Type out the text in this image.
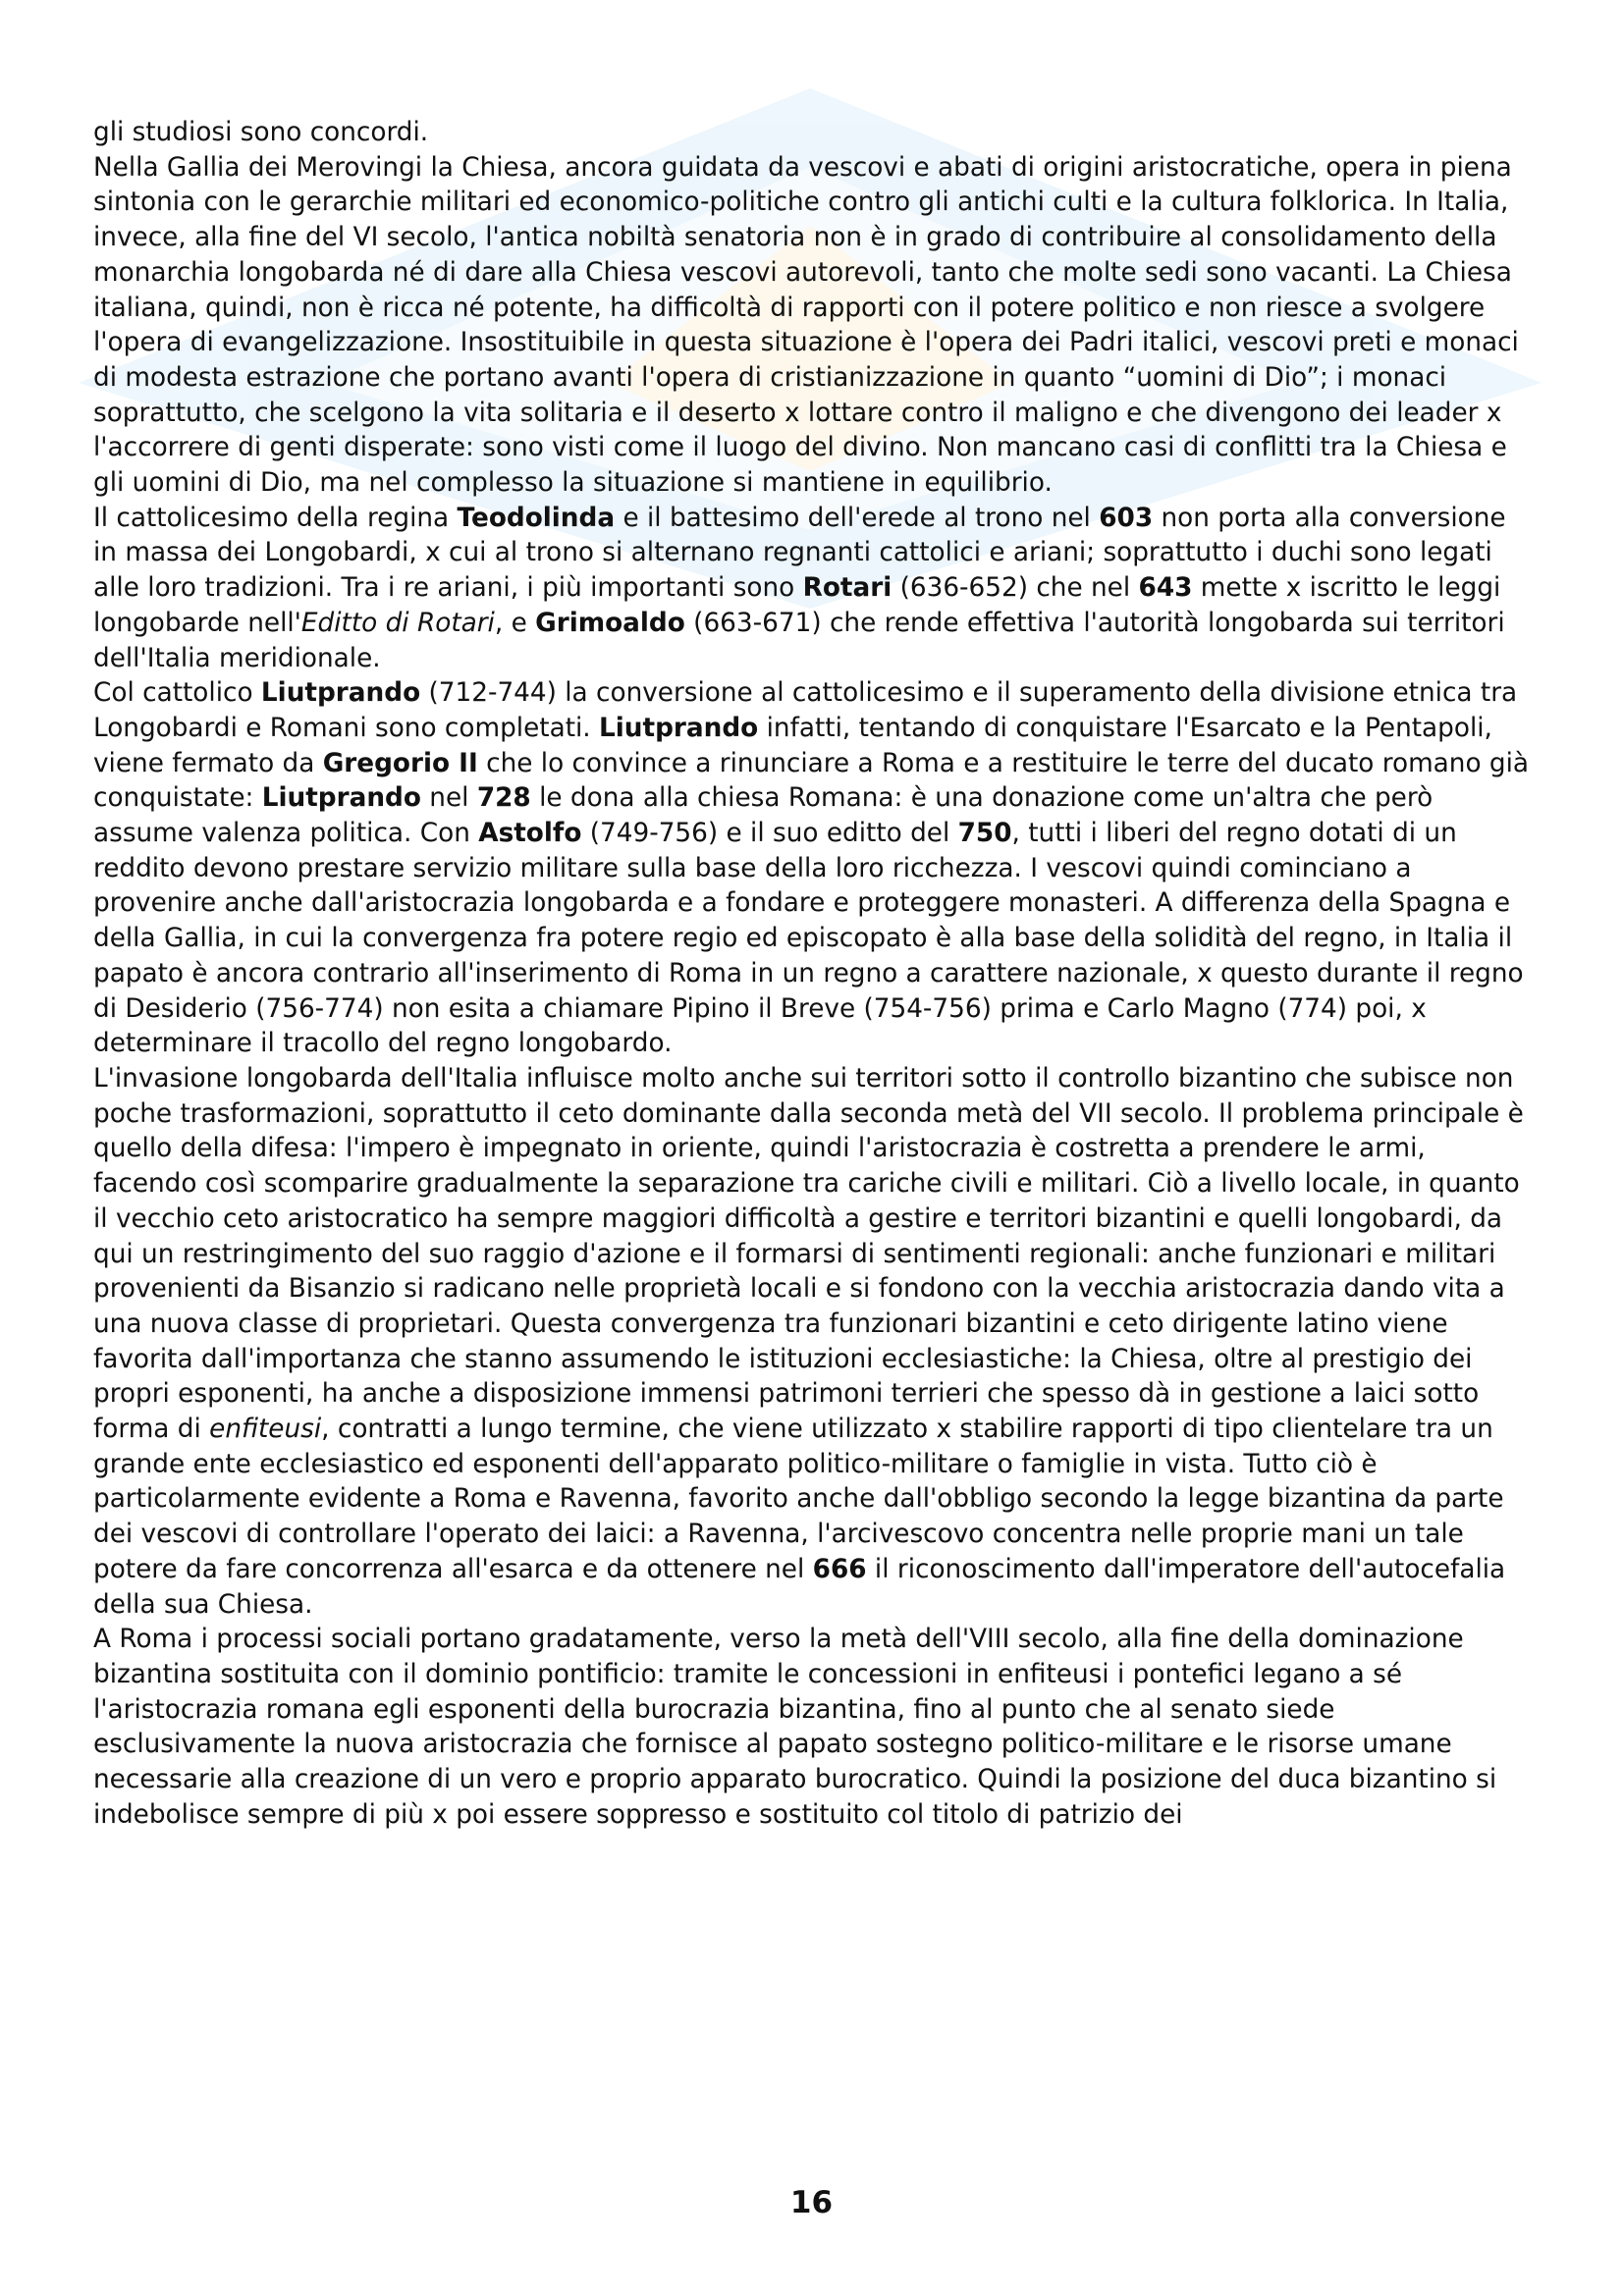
gli studiosi sono concordi.

Nella Gallia dei Merovingi la Chiesa, ancora guidata da vescovi e abati di origini aristocratiche, opera in piena sintonia con le gerarchie militari ed economico-politiche contro gli antichi culti e la cultura folklorica. In Italia, invece, alla fine del VI secolo, l'antica nobiltà senatoria non è in grado di contribuire al consolidamento della monarchia longobarda né di dare alla Chiesa vescovi autorevoli, tanto che molte sedi sono vacanti. La Chiesa italiana, quindi, non è ricca né potente, ha difficoltà di rapporti con il potere politico e non riesce a svolgere l'opera di evangelizzazione. Insostituibile in questa situazione è l'opera dei Padri italici, vescovi preti e monaci di modesta estrazione che portano avanti l'opera di cristianizzazione in quanto “uomini di Dio”; i monaci soprattutto, che scelgono la vita solitaria e il deserto x lottare contro il maligno e che divengono dei leader x l'accorrere di genti disperate: sono visti come il luogo del divino. Non mancano casi di conflitti tra la Chiesa e gli uomini di Dio, ma nel complesso la situazione si mantiene in equilibrio.

Il cattolicesimo della regina Teodolinda e il battesimo dell'erede al trono nel 603 non porta alla conversione in massa dei Longobardi, x cui al trono si alternano regnanti cattolici e ariani; soprattutto i duchi sono legati alle loro tradizioni. Tra i re ariani, i più importanti sono Rotari (636-652) che nel 643 mette x iscritto le leggi longobarde nell'Editto di Rotari, e Grimoaldo (663-671) che rende effettiva l'autorità longobarda sui territori dell'Italia meridionale.

Col cattolico Liutprando (712-744) la conversione al cattolicesimo e il superamento della divisione etnica tra Longobardi e Romani sono completati. Liutprando infatti, tentando di conquistare l'Esarcato e la Pentapoli, viene fermato da Gregorio II che lo convince a rinunciare a Roma e a restituire le terre del ducato romano già conquistate: Liutprando nel 728 le dona alla chiesa Romana: è una donazione come un'altra che però assume valenza politica. Con Astolfo (749-756) e il suo editto del 750, tutti i liberi del regno dotati di un reddito devono prestare servizio militare sulla base della loro ricchezza. I vescovi quindi cominciano a provenire anche dall'aristocrazia longobarda e a fondare e proteggere monasteri. A differenza della Spagna e della Gallia, in cui la convergenza fra potere regio ed episcopato è alla base della solidità del regno, in Italia il papato è ancora contrario all'inserimento di Roma in un regno a carattere nazionale, x questo durante il regno di Desiderio (756-774) non esita a chiamare Pipino il Breve (754-756) prima e Carlo Magno (774) poi, x determinare il tracollo del regno longobardo.

L'invasione longobarda dell'Italia influisce molto anche sui territori sotto il controllo bizantino che subisce non poche trasformazioni, soprattutto il ceto dominante dalla seconda metà del VII secolo. Il problema principale è quello della difesa: l'impero è impegnato in oriente, quindi l'aristocrazia è costretta a prendere le armi, facendo così scomparire gradualmente la separazione tra cariche civili e militari. Ciò a livello locale, in quanto il vecchio ceto aristocratico ha sempre maggiori difficoltà a gestire e territori bizantini e quelli longobardi, da qui un restringimento del suo raggio d'azione e il formarsi di sentimenti regionali: anche funzionari e militari provenienti da Bisanzio si radicano nelle proprietà locali e si fondono con la vecchia aristocrazia dando vita a una nuova classe di proprietari. Questa convergenza tra funzionari bizantini e ceto dirigente latino viene favorita dall'importanza che stanno assumendo le istituzioni ecclesiastiche: la Chiesa, oltre al prestigio dei propri esponenti, ha anche a disposizione immensi patrimoni terrieri che spesso dà in gestione a laici sotto forma di enfiteusi, contratti a lungo termine, che viene utilizzato x stabilire rapporti di tipo clientelare tra un grande ente ecclesiastico ed esponenti dell'apparato politico-militare o famiglie in vista. Tutto ciò è particolarmente evidente a Roma e Ravenna, favorito anche dall'obbligo secondo la legge bizantina da parte dei vescovi di controllare l'operato dei laici: a Ravenna, l'arcivescovo concentra nelle proprie mani un tale potere da fare concorrenza all'esarca e da ottenere nel 666 il riconoscimento dall'imperatore dell'autocefalia della sua Chiesa.

A Roma i processi sociali portano gradatamente, verso la metà dell'VIII secolo, alla fine della dominazione bizantina sostituita con il dominio pontificio: tramite le concessioni in enfiteusi i pontefici legano a sé l'aristocrazia romana egli esponenti della burocrazia bizantina, fino al punto che al senato siede esclusivamente la nuova aristocrazia che fornisce al papato sostegno politico-militare e le risorse umane necessarie alla creazione di un vero e proprio apparato burocratico. Quindi la posizione del duca bizantino si indebolisce sempre di più x poi essere soppresso e sostituito col titolo di patrizio dei

16
